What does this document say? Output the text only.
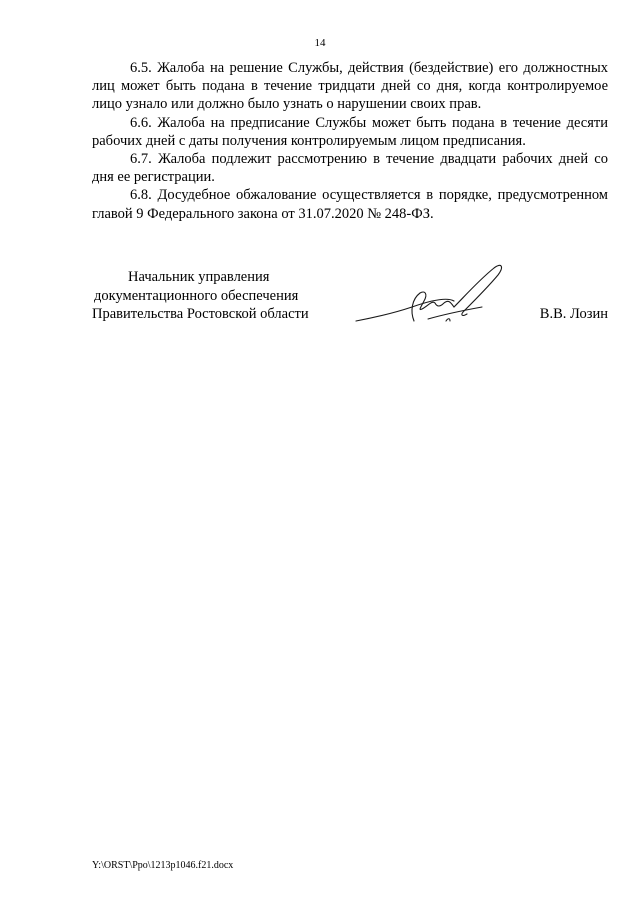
14

6.5. Жалоба на решение Службы, действия (бездействие) его должностных лиц может быть подана в течение тридцати дней со дня, когда контролируемое лицо узнало или должно было узнать о нарушении своих прав.

6.6. Жалоба на предписание Службы может быть подана в течение десяти рабочих дней с даты получения контролируемым лицом предписания.

6.7. Жалоба подлежит рассмотрению в течение двадцати рабочих дней со дня ее регистрации.

6.8. Досудебное обжалование осуществляется в порядке, предусмотренном главой 9 Федерального закона от 31.07.2020 № 248-ФЗ.

Начальник управления
документационного обеспечения
Правительства Ростовской области	В.В. Лозин
Y:\ORST\Ppo\1213p1046.f21.docx
